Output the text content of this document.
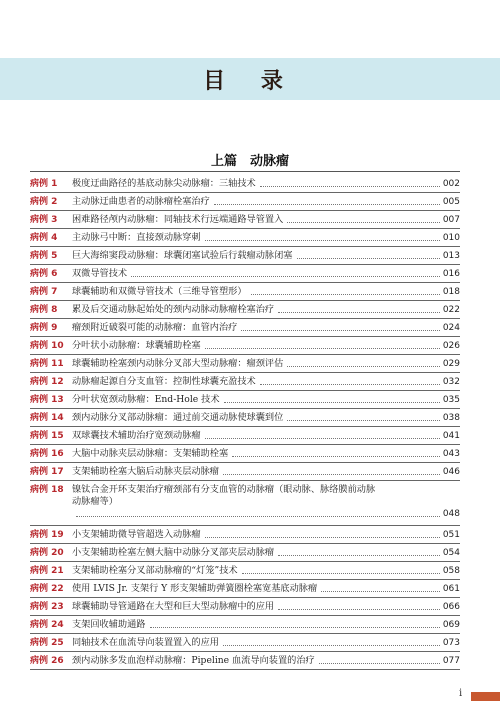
目 录
上篇　动脉瘤
病例 1	极度迂曲路径的基底动脉尖动脉瘤：三轴技术	002
病例 2	主动脉迂曲患者的动脉瘤栓塞治疗	005
病例 3	困难路径颅内动脉瘤：同轴技术行远端通路导管置入	007
病例 4	主动脉弓中断：直接颈动脉穿刺	010
病例 5	巨大海绵窦段动脉瘤：球囊闭塞试验后行载瘤动脉闭塞	013
病例 6	双微导管技术	016
病例 7	球囊辅助和双微导管技术（三维导管塑形）	018
病例 8	累及后交通动脉起始处的颈内动脉动脉瘤栓塞治疗	022
病例 9	瘤颈附近破裂可能的动脉瘤：血管内治疗	024
病例 10 分叶状小动脉瘤：球囊辅助栓塞	026
病例 11 球囊辅助栓塞颈内动脉分叉部大型动脉瘤：瘤颈评估	029
病例 12 动脉瘤起源自分支血管：控制性球囊充盈技术	032
病例 13 分叶状宽颈动脉瘤：End-Hole 技术	035
病例 14 颈内动脉分叉部动脉瘤：通过前交通动脉使球囊到位	038
病例 15 双球囊技术辅助治疗宽颈动脉瘤	041
病例 16 大脑中动脉夹层动脉瘤：支架辅助栓塞	043
病例 17 支架辅助栓塞大脑后动脉夹层动脉瘤	046
病例 18 镍钛合金开环支架治疗瘤颈部有分支血管的动脉瘤（眼动脉、脉络膜前动脉
动脉瘤等）
048
病例 19 小支架辅助微导管超选入动脉瘤	051
病例 20 小支架辅助栓塞左侧大脑中动脉分叉部夹层动脉瘤	054
病例 21 支架辅助栓塞分叉部动脉瘤的“灯笼”技术	058
病例 22 使用 LVIS Jr. 支架行 Y 形支架辅助弹簧圈栓塞宽基底动脉瘤	061
病例 23 球囊辅助导管通路在大型和巨大型动脉瘤中的应用	066
病例 24 支架回收辅助通路	069
病例 25 同轴技术在血流导向装置置入的应用	073
病例 26 颈内动脉多发血泡样动脉瘤：Pipeline 血流导向装置的治疗	077
i
